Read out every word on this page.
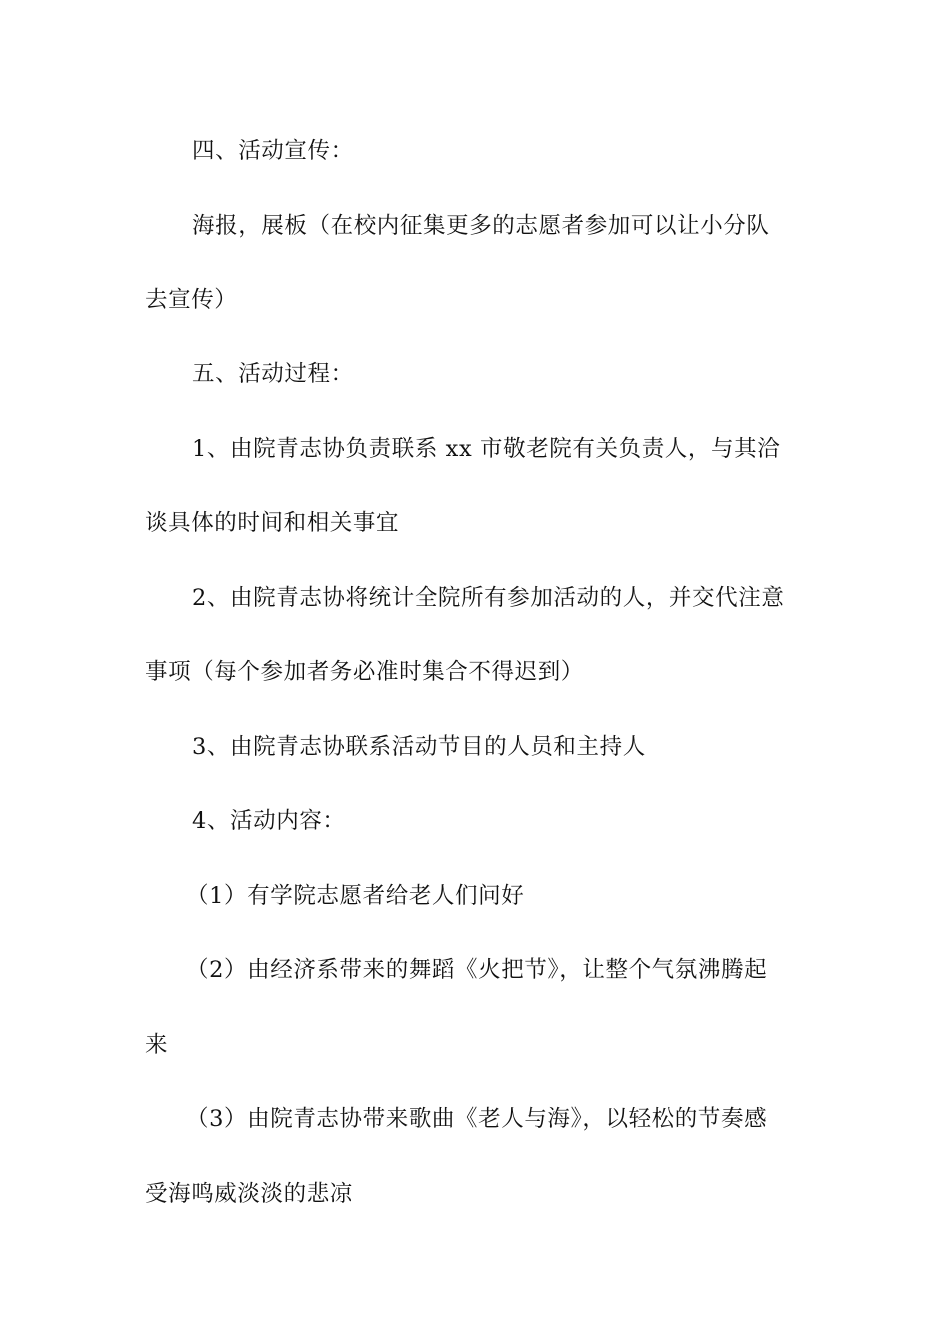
四、活动宣传：
海报，展板（在校内征集更多的志愿者参加可以让小分队
去宣传）
五、活动过程：
1、由院青志协负责联系 xx 市敬老院有关负责人，与其洽
谈具体的时间和相关事宜
2、由院青志协将统计全院所有参加活动的人，并交代注意
事项（每个参加者务必准时集合不得迟到）
3、由院青志协联系活动节目的人员和主持人
4、活动内容：
（1）有学院志愿者给老人们问好
（2）由经济系带来的舞蹈《火把节》，让整个气氛沸腾起
来
（3）由院青志协带来歌曲《老人与海》，以轻松的节奏感
受海鸣威淡淡的悲凉
